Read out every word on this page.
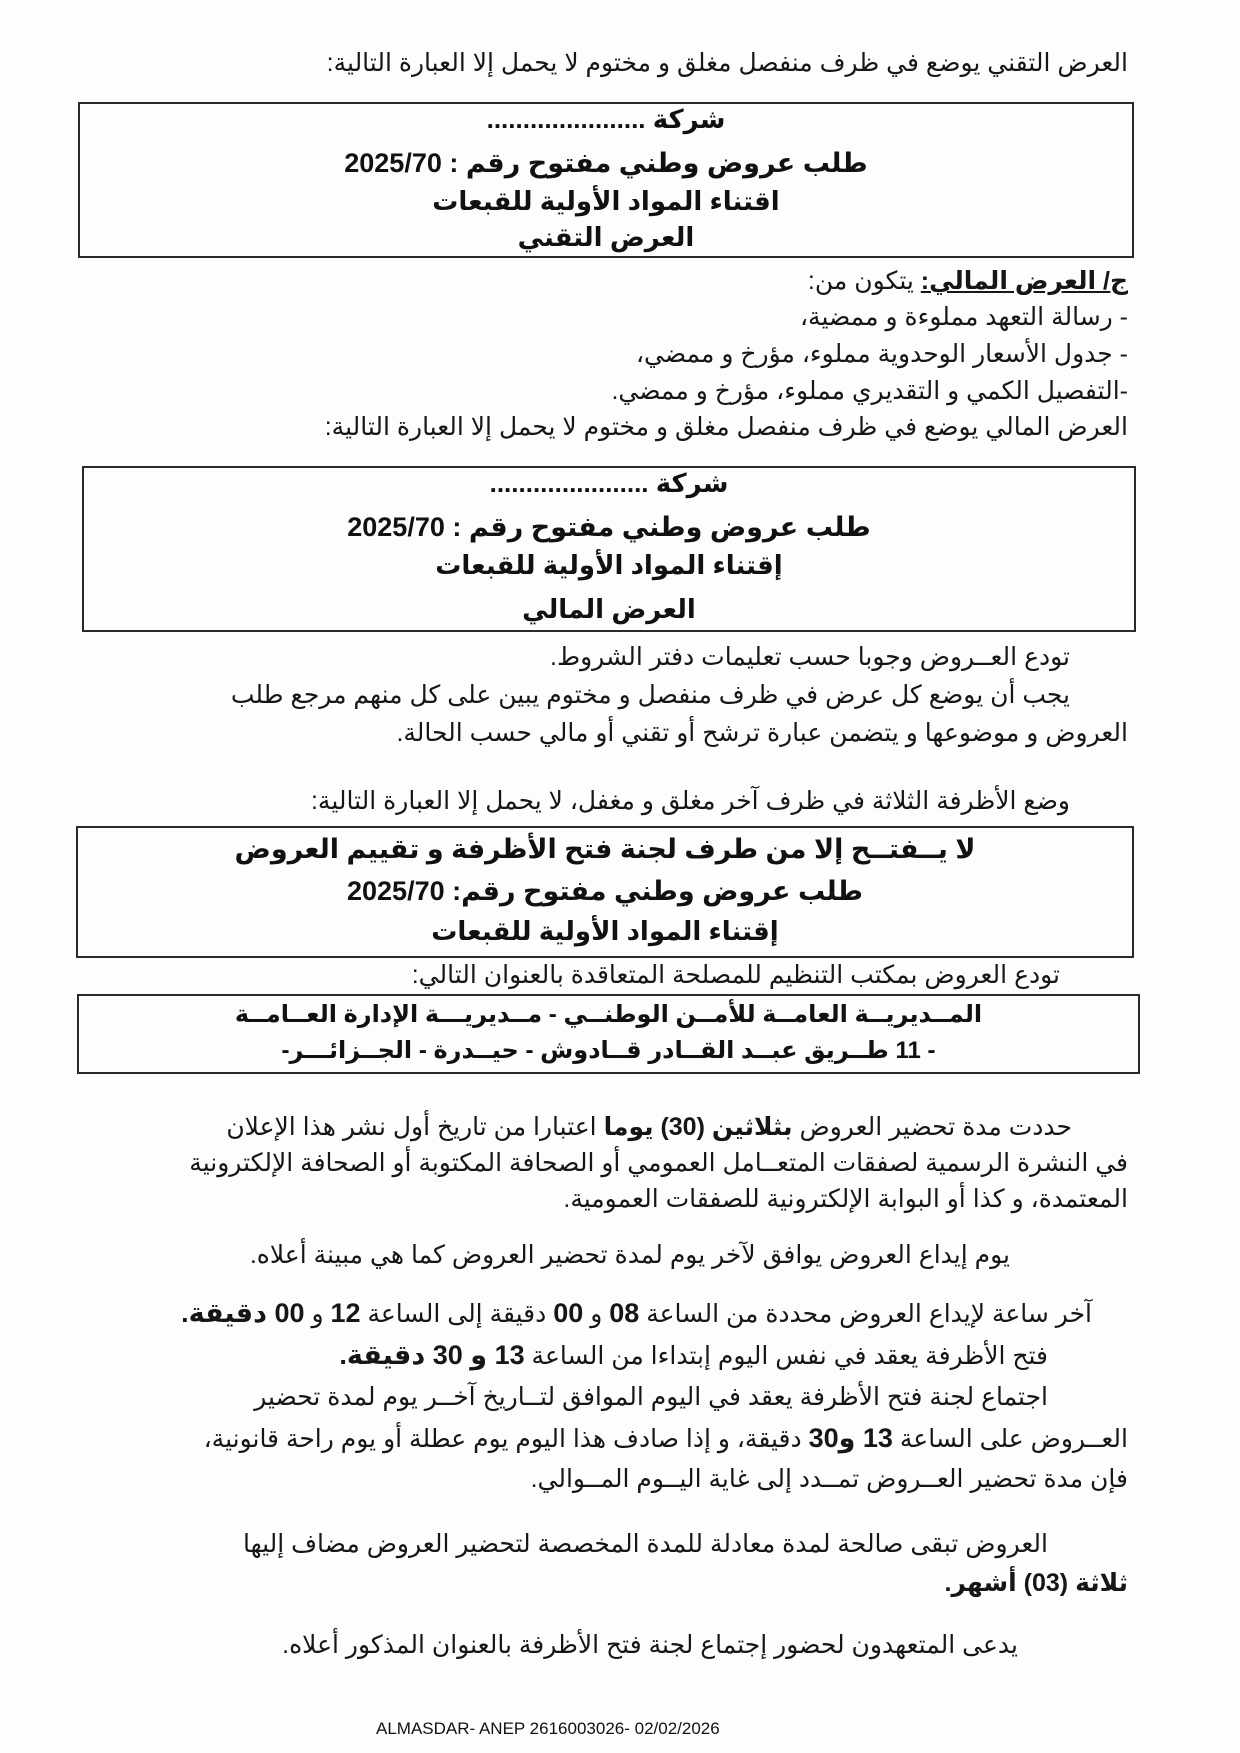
العرض التقني يوضع في ظرف منفصل مغلق و مختوم لا يحمل إلا العبارة التالية:
شركة ......................
طلب عروض وطني مفتوح رقم : 2025/70
اقتناء المواد الأولية للقبعات
العرض التقني
ج/ العرض المالي: يتكون من:
- رسالة التعهد مملوءة و ممضية،
- جدول الأسعار الوحدوية مملوء، مؤرخ و ممضي،
-التفصيل الكمي و التقديري مملوء، مؤرخ و ممضي.
العرض المالي يوضع في ظرف منفصل مغلق و مختوم لا يحمل إلا العبارة التالية:
شركة ......................
طلب عروض وطني مفتوح رقم : 2025/70
إقتناء المواد الأولية للقبعات
العرض المالي
تودع العــروض وجوبا حسب تعليمات دفتر الشروط.
يجب أن يوضع كل عرض في ظرف منفصل و مختوم يبين على كل منهم مرجع طلب
العروض و موضوعها و يتضمن عبارة ترشح أو تقني أو مالي حسب الحالة.
وضع الأظرفة الثلاثة في ظرف آخر مغلق و مغفل، لا يحمل إلا العبارة التالية:
لا يــفتــح إلا من طرف لجنة فتح الأظرفة و تقييم العروض
طلب عروض وطني مفتوح رقم: 2025/70
إقتناء المواد الأولية للقبعات
تودع العروض بمكتب التنظيم للمصلحة المتعاقدة بالعنوان التالي:
المــديريــة العامــة للأمــن الوطنــي - مــديريـــة الإدارة العــامــة
- 11 طــريق عبــد القــادر قــادوش - حيــدرة - الجــزائـــر-
حددت مدة تحضير العروض بثلاثين (30) يوما اعتبارا من تاريخ أول نشر هذا الإعلان
في النشرة الرسمية لصفقات المتعــامل العمومي أو الصحافة المكتوبة أو الصحافة الإلكترونية
المعتمدة، و كذا أو البوابة الإلكترونية للصفقات العمومية.
يوم إيداع العروض يوافق لآخر يوم لمدة تحضير العروض كما هي مبينة أعلاه.
آخر ساعة لإيداع العروض محددة من الساعة 08 و 00 دقيقة إلى الساعة 12 و 00 دقيقة.
فتح الأظرفة يعقد في نفس اليوم إبتداءا من الساعة 13 و 30 دقيقة.
اجتماع لجنة فتح الأظرفة يعقد في اليوم الموافق لتــاريخ آخــر يوم لمدة تحضير
العــروض على الساعة 13 و30 دقيقة، و إذا صادف هذا اليوم يوم عطلة أو يوم راحة قانونية،
فإن مدة تحضير العــروض تمــدد إلى غاية اليــوم المــوالي.
العروض تبقى صالحة لمدة معادلة للمدة المخصصة لتحضير العروض مضاف إليها
ثلاثة (03) أشهر.
يدعى المتعهدون لحضور إجتماع لجنة فتح الأظرفة بالعنوان المذكور أعلاه.
ALMASDAR- ANEP 2616003026- 02/02/2026
